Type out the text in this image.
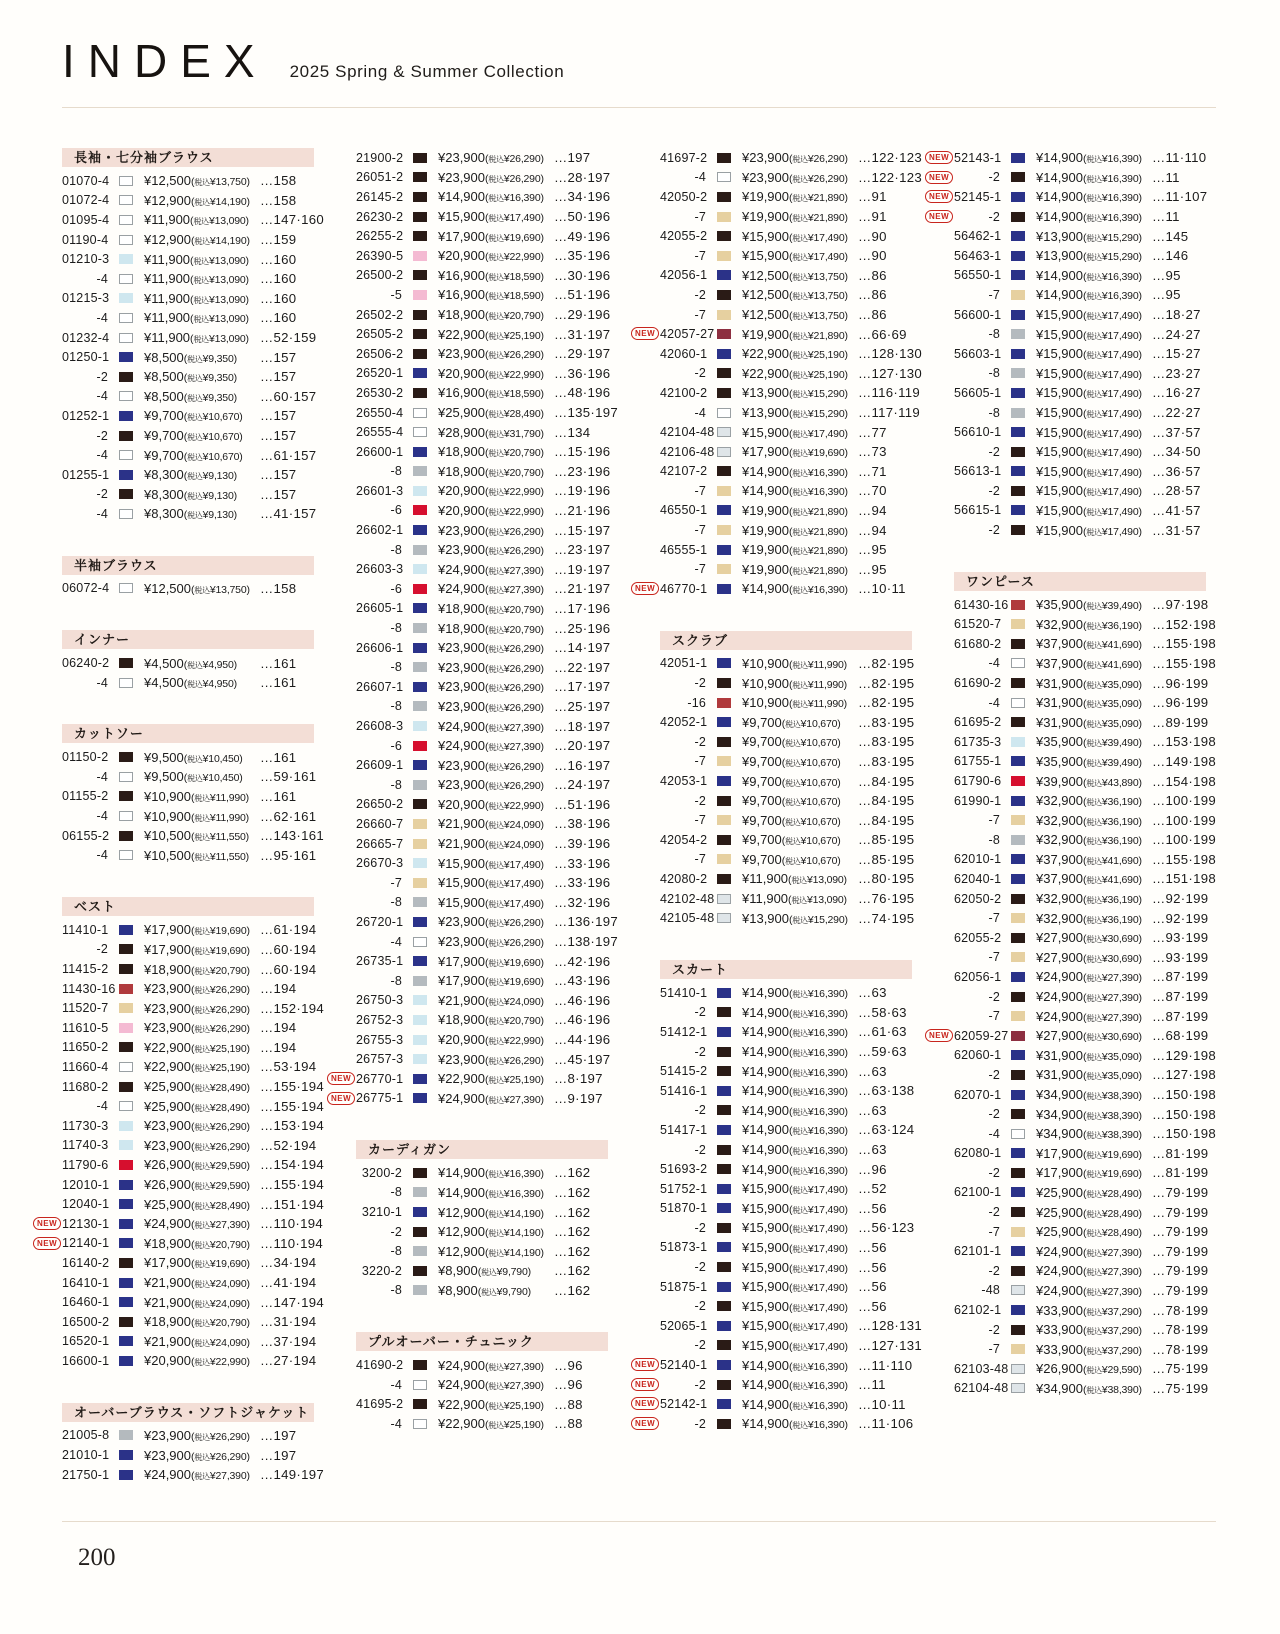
INDEX 2025 Spring & Summer Collection
長袖・七分袖ブラウス
01070-4	¥12,500(税込¥13,750) …158
01072-4	¥12,900(税込¥14,190) …158
01095-4	¥11,900(税込¥13,090) …147·160
01190-4	¥12,900(税込¥14,190) …159
01210-3	¥11,900(税込¥13,090) …160
-4	¥11,900(税込¥13,090) …160
01215-3	¥11,900(税込¥13,090) …160
-4	¥11,900(税込¥13,090) …160
01232-4	¥11,900(税込¥13,090) …52·159
01250-1	¥8,500(税込¥9,350)	…157
-2	¥8,500(税込¥9,350)	…157
-4	¥8,500(税込¥9,350)	…60·157
01252-1	¥9,700(税込¥10,670)	…157
-2	¥9,700(税込¥10,670)	…157
-4	¥9,700(税込¥10,670)	…61·157
01255-1	¥8,300(税込¥9,130)	…157
-2	¥8,300(税込¥9,130)	…157
-4	¥8,300(税込¥9,130)	…41·157
半袖ブラウス
06072-4	¥12,500(税込¥13,750) …158
インナー
06240-2	¥4,500(税込¥4,950)	…161
-4	¥4,500(税込¥4,950)	…161
カットソー
01150-2	¥9,500(税込¥10,450)	…161
-4	¥9,500(税込¥10,450)	…59·161
01155-2	¥10,900(税込¥11,990) …161
-4	¥10,900(税込¥11,990) …62·161
06155-2	¥10,500(税込¥11,550) …143·161
-4	¥10,500(税込¥11,550) …95·161
ベスト
11410-1	¥17,900(税込¥19,690) …61·194
-2	¥17,900(税込¥19,690) …60·194
11415-2	¥18,900(税込¥20,790) …60·194
11430-16 ¥23,900(税込¥26,290) …194
11520-7	¥23,900(税込¥26,290) …152·194
11610-5	¥23,900(税込¥26,290) …194
11650-2	¥22,900(税込¥25,190) …194
11660-4	¥22,900(税込¥25,190) …53·194
11680-2	¥25,900(税込¥28,490) …155·194
-4	¥25,900(税込¥28,490) …155·194
11730-3	¥23,900(税込¥26,290) …153·194
11740-3	¥23,900(税込¥26,290) …52·194
11790-6	¥26,900(税込¥29,590) …154·194
12010-1	¥26,900(税込¥29,590) …155·194
12040-1	¥25,900(税込¥28,490) …151·194
NEW 12130-1	¥24,900(税込¥27,390) …110·194
NEW 12140-1	¥18,900(税込¥20,790) …110·194
16140-2	¥17,900(税込¥19,690) …34·194
16410-1	¥21,900(税込¥24,090) …41·194
16460-1	¥21,900(税込¥24,090) …147·194
16500-2	¥18,900(税込¥20,790) …31·194
16520-1	¥21,900(税込¥24,090) …37·194
16600-1	¥20,900(税込¥22,990) …27·194
オーバーブラウス・ソフトジャケット
21005-8	¥23,900(税込¥26,290) …197
21010-1	¥23,900(税込¥26,290) …197
21750-1	¥24,900(税込¥27,390) …149·197
21900-2	¥23,900(税込¥26,290) …197
26051-2	¥23,900(税込¥26,290) …28·197
26145-2	¥14,900(税込¥16,390) …34·196
26230-2	¥15,900(税込¥17,490) …50·196
26255-2	¥17,900(税込¥19,690) …49·196
26390-5	¥20,900(税込¥22,990) …35·196
26500-2	¥16,900(税込¥18,590) …30·196
-5	¥16,900(税込¥18,590) …51·196
26502-2	¥18,900(税込¥20,790) …29·196
26505-2	¥22,900(税込¥25,190) …31·197
26506-2	¥23,900(税込¥26,290) …29·197
26520-1	¥20,900(税込¥22,990) …36·196
26530-2	¥16,900(税込¥18,590) …48·196
26550-4	¥25,900(税込¥28,490) …135·197
26555-4	¥28,900(税込¥31,790) …134
26600-1	¥18,900(税込¥20,790) …15·196
-8	¥18,900(税込¥20,790) …23·196
26601-3	¥20,900(税込¥22,990) …19·196
-6	¥20,900(税込¥22,990) …21·196
26602-1	¥23,900(税込¥26,290) …15·197
-8	¥23,900(税込¥26,290) …23·197
26603-3	¥24,900(税込¥27,390) …19·197
-6	¥24,900(税込¥27,390) …21·197
26605-1	¥18,900(税込¥20,790) …17·196
-8	¥18,900(税込¥20,790) …25·196
26606-1	¥23,900(税込¥26,290) …14·197
-8	¥23,900(税込¥26,290) …22·197
26607-1	¥23,900(税込¥26,290) …17·197
-8	¥23,900(税込¥26,290) …25·197
26608-3	¥24,900(税込¥27,390) …18·197
-6	¥24,900(税込¥27,390) …20·197
26609-1	¥23,900(税込¥26,290) …16·197
-8	¥23,900(税込¥26,290) …24·197
26650-2	¥20,900(税込¥22,990) …51·196
26660-7	¥21,900(税込¥24,090) …38·196
26665-7	¥21,900(税込¥24,090) …39·196
26670-3	¥15,900(税込¥17,490) …33·196
-7	¥15,900(税込¥17,490) …33·196
-8	¥15,900(税込¥17,490) …32·196
26720-1	¥23,900(税込¥26,290) …136·197
-4	¥23,900(税込¥26,290) …138·197
26735-1	¥17,900(税込¥19,690) …42·196
-8	¥17,900(税込¥19,690) …43·196
26750-3	¥21,900(税込¥24,090) …46·196
26752-3	¥18,900(税込¥20,790) …46·196
26755-3	¥20,900(税込¥22,990) …44·196
26757-3	¥23,900(税込¥26,290) …45·197
NEW 26770-1	¥22,900(税込¥25,190) …8·197
NEW 26775-1	¥24,900(税込¥27,390) …9·197
カーディガン
3200-2	¥14,900(税込¥16,390) …162
-8	¥14,900(税込¥16,390) …162
3210-1	¥12,900(税込¥14,190) …162
-2	¥12,900(税込¥14,190) …162
-8	¥12,900(税込¥14,190) …162
3220-2	¥8,900(税込¥9,790)	…162
-8	¥8,900(税込¥9,790)	…162
プルオーバー・チュニック
41690-2	¥24,900(税込¥27,390) …96
-4	¥24,900(税込¥27,390) …96
41695-2	¥22,900(税込¥25,190) …88
-4	¥22,900(税込¥25,190) …88
41697-2	¥23,900(税込¥26,290) …122·123
-4	¥23,900(税込¥26,290) …122·123
42050-2	¥19,900(税込¥21,890) …91
-7	¥19,900(税込¥21,890) …91
42055-2	¥15,900(税込¥17,490) …90
-7	¥15,900(税込¥17,490) …90
42056-1	¥12,500(税込¥13,750) …86
-2	¥12,500(税込¥13,750) …86
-7	¥12,500(税込¥13,750) …86
NEW 42057-27 ¥19,900(税込¥21,890) …66·69
42060-1	¥22,900(税込¥25,190) …128·130
-2	¥22,900(税込¥25,190) …127·130
42100-2	¥13,900(税込¥15,290) …116·119
-4	¥13,900(税込¥15,290) …117·119
42104-48 ¥15,900(税込¥17,490) …77
42106-48 ¥17,900(税込¥19,690) …73
42107-2	¥14,900(税込¥16,390) …71
-7	¥14,900(税込¥16,390) …70
46550-1	¥19,900(税込¥21,890) …94
-7	¥19,900(税込¥21,890) …94
46555-1	¥19,900(税込¥21,890) …95
-7	¥19,900(税込¥21,890) …95
NEW 46770-1	¥14,900(税込¥16,390) …10·11
スクラブ
42051-1	¥10,900(税込¥11,990) …82·195
-2	¥10,900(税込¥11,990) …82·195
-16	¥10,900(税込¥11,990) …82·195
42052-1	¥9,700(税込¥10,670)	…83·195
-2	¥9,700(税込¥10,670)	…83·195
-7	¥9,700(税込¥10,670)	…83·195
42053-1	¥9,700(税込¥10,670)	…84·195
-2	¥9,700(税込¥10,670)	…84·195
-7	¥9,700(税込¥10,670)	…84·195
42054-2	¥9,700(税込¥10,670)	…85·195
-7	¥9,700(税込¥10,670)	…85·195
42080-2	¥11,900(税込¥13,090) …80·195
42102-48 ¥11,900(税込¥13,090) …76·195
42105-48 ¥13,900(税込¥15,290) …74·195
スカート
51410-1	¥14,900(税込¥16,390) …63
-2	¥14,900(税込¥16,390) …58·63
51412-1	¥14,900(税込¥16,390) …61·63
-2	¥14,900(税込¥16,390) …59·63
51415-2	¥14,900(税込¥16,390) …63
51416-1	¥14,900(税込¥16,390) …63·138
-2	¥14,900(税込¥16,390) …63
51417-1	¥14,900(税込¥16,390) …63·124
-2	¥14,900(税込¥16,390) …63
51693-2	¥14,900(税込¥16,390) …96
51752-1	¥15,900(税込¥17,490) …52
51870-1	¥15,900(税込¥17,490) …56
-2	¥15,900(税込¥17,490) …56·123
51873-1	¥15,900(税込¥17,490) …56
-2	¥15,900(税込¥17,490) …56
51875-1	¥15,900(税込¥17,490) …56
-2	¥15,900(税込¥17,490) …56
52065-1	¥15,900(税込¥17,490) …128·131
-2	¥15,900(税込¥17,490) …127·131
NEW 52140-1	¥14,900(税込¥16,390) …11·110
NEW	-2	¥14,900(税込¥16,390) …11
NEW 52142-1	¥14,900(税込¥16,390) …10·11
NEW	-2	¥14,900(税込¥16,390) …11·106
NEW 52143-1	¥14,900(税込¥16,390) …11·110
NEW	-2	¥14,900(税込¥16,390) …11
NEW 52145-1	¥14,900(税込¥16,390) …11·107
NEW	-2	¥14,900(税込¥16,390) …11
56462-1	¥13,900(税込¥15,290) …145
56463-1	¥13,900(税込¥15,290) …146
56550-1	¥14,900(税込¥16,390) …95
-7	¥14,900(税込¥16,390) …95
56600-1	¥15,900(税込¥17,490) …18·27
-8	¥15,900(税込¥17,490) …24·27
56603-1	¥15,900(税込¥17,490) …15·27
-8	¥15,900(税込¥17,490) …23·27
56605-1	¥15,900(税込¥17,490) …16·27
-8	¥15,900(税込¥17,490) …22·27
56610-1	¥15,900(税込¥17,490) …37·57
-2	¥15,900(税込¥17,490) …34·50
56613-1	¥15,900(税込¥17,490) …36·57
-2	¥15,900(税込¥17,490) …28·57
56615-1	¥15,900(税込¥17,490) …41·57
-2	¥15,900(税込¥17,490) …31·57
ワンピース
61430-16 ¥35,900(税込¥39,490) …97·198
61520-7	¥32,900(税込¥36,190) …152·198
61680-2	¥37,900(税込¥41,690) …155·198
-4	¥37,900(税込¥41,690) …155·198
61690-2	¥31,900(税込¥35,090) …96·199
-4	¥31,900(税込¥35,090) …96·199
61695-2	¥31,900(税込¥35,090) …89·199
61735-3	¥35,900(税込¥39,490) …153·198
61755-1	¥35,900(税込¥39,490) …149·198
61790-6	¥39,900(税込¥43,890) …154·198
61990-1	¥32,900(税込¥36,190) …100·199
-7	¥32,900(税込¥36,190) …100·199
-8	¥32,900(税込¥36,190) …100·199
62010-1	¥37,900(税込¥41,690) …155·198
62040-1	¥37,900(税込¥41,690) …151·198
62050-2	¥32,900(税込¥36,190) …92·199
-7	¥32,900(税込¥36,190) …92·199
62055-2	¥27,900(税込¥30,690) …93·199
-7	¥27,900(税込¥30,690) …93·199
62056-1	¥24,900(税込¥27,390) …87·199
-2	¥24,900(税込¥27,390) …87·199
-7	¥24,900(税込¥27,390) …87·199
NEW 62059-27 ¥27,900(税込¥30,690) …68·199
62060-1	¥31,900(税込¥35,090) …129·198
-2	¥31,900(税込¥35,090) …127·198
62070-1	¥34,900(税込¥38,390) …150·198
-2	¥34,900(税込¥38,390) …150·198
-4	¥34,900(税込¥38,390) …150·198
62080-1	¥17,900(税込¥19,690) …81·199
-2	¥17,900(税込¥19,690) …81·199
62100-1	¥25,900(税込¥28,490) …79·199
-2	¥25,900(税込¥28,490) …79·199
-7	¥25,900(税込¥28,490) …79·199
62101-1	¥24,900(税込¥27,390) …79·199
-2	¥24,900(税込¥27,390) …79·199
-48	¥24,900(税込¥27,390) …79·199
62102-1	¥33,900(税込¥37,290) …78·199
-2	¥33,900(税込¥37,290) …78·199
-7	¥33,900(税込¥37,290) …78·199
62103-48 ¥26,900(税込¥29,590) …75·199
62104-48 ¥34,900(税込¥38,390) …75·199
200
